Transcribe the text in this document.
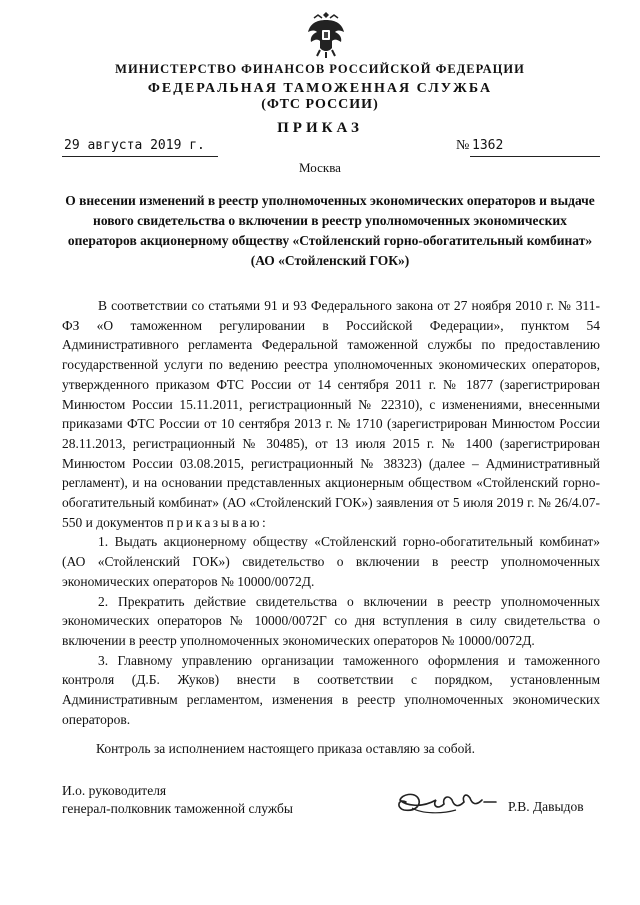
МИНИСТЕРСТВО ФИНАНСОВ РОССИЙСКОЙ ФЕДЕРАЦИИ
ФЕДЕРАЛЬНАЯ ТАМОЖЕННАЯ СЛУЖБА
(ФТС РОССИИ)
ПРИКАЗ
29 августа 2019 г.	№ 1362
Москва
О внесении изменений в реестр уполномоченных экономических операторов и выдаче нового свидетельства о включении в реестр уполномоченных экономических операторов акционерному обществу «Стойленский горно-обогатительный комбинат» (АО «Стойленский ГОК»)

В соответствии со статьями 91 и 93 Федерального закона от 27 ноября 2010 г. № 311-ФЗ «О таможенном регулировании в Российской Федерации», пунктом 54 Административного регламента Федеральной таможенной службы по предоставлению государственной услуги по ведению реестра уполномоченных экономических операторов, утвержденного приказом ФТС России от 14 сентября 2011 г. № 1877 (зарегистрирован Минюстом России 15.11.2011, регистрационный № 22310), с изменениями, внесенными приказами ФТС России от 10 сентября 2013 г. № 1710 (зарегистрирован Минюстом России 28.11.2013, регистрационный № 30485), от 13 июля 2015 г. № 1400 (зарегистрирован Минюстом России 03.08.2015, регистрационный № 38323) (далее – Административный регламент), и на основании представленных акционерным обществом «Стойленский горно-обогатительный комбинат» (АО «Стойленский ГОК») заявления от 5 июля 2019 г. № 26/4.07-550 и документов приказываю:

1. Выдать акционерному обществу «Стойленский горно-обогатительный комбинат» (АО «Стойленский ГОК») свидетельство о включении в реестр уполномоченных экономических операторов № 10000/0072Д.

2. Прекратить действие свидетельства о включении в реестр уполномоченных экономических операторов № 10000/0072Г со дня вступления в силу свидетельства о включении в реестр уполномоченных экономических операторов № 10000/0072Д.

3. Главному управлению организации таможенного оформления и таможенного контроля (Д.Б. Жуков) внести в соответствии с порядком, установленным Административным регламентом, изменения в реестр уполномоченных экономических операторов.

Контроль за исполнением настоящего приказа оставляю за собой.
И.о. руководителя
генерал-полковник таможенной службы	Р.В. Давыдов
